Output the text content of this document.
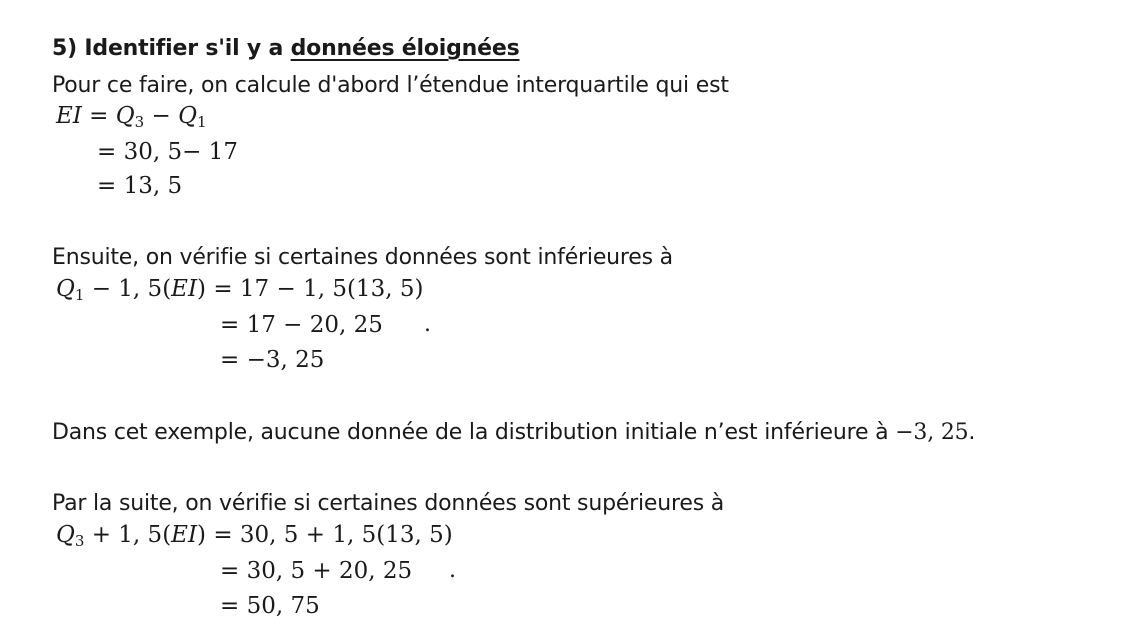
5) Identifier s'il y a données éloignées
Pour ce faire, on calcule d'abord l’étendue interquartile qui est
EI = $Q_3 - Q_1$
= 30, 5− 17
= 13, 5
Ensuite, on vérifie si certaines données sont inférieures à
$Q_1 - 1$, 5(EI) = 17 − 1, 5(13, 5)
= 17 − 20, 25 .
= −3, 25
Dans cet exemple, aucune donnée de la distribution initiale n’est inférieure à −3, 25.
Par la suite, on vérifie si certaines données sont supérieures à
$Q_3 + 1$, 5(EI) = 30, 5 + 1, 5(13, 5)
= 30, 5 + 20, 25 .
= 50, 75
